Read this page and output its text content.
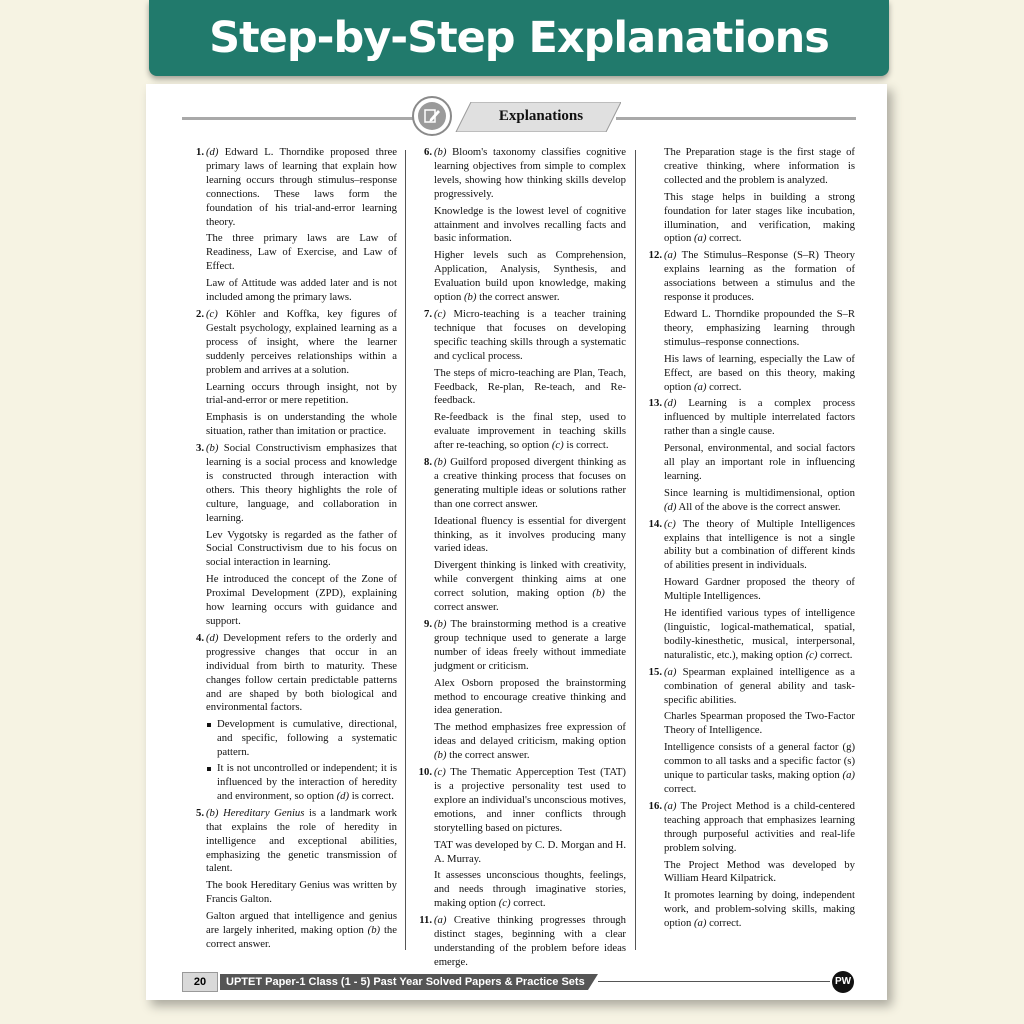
Step-by-Step Explanations
Explanations
1. (d) Edward L. Thorndike proposed three primary laws of learning that explain how learning occurs through stimulus–response connections. These laws form the foundation of his trial-and-error learning theory.

The three primary laws are Law of Readiness, Law of Exercise, and Law of Effect.

Law of Attitude was added later and is not included among the primary laws.

2. (c) Köhler and Koffka, key figures of Gestalt psychology, explained learning as a process of insight, where the learner suddenly perceives relationships within a problem and arrives at a solution.

Learning occurs through insight, not by trial-and-error or mere repetition.

Emphasis is on understanding the whole situation, rather than imitation or practice.

3. (b) Social Constructivism emphasizes that learning is a social process and knowledge is constructed through interaction with others. This theory highlights the role of culture, language, and collaboration in learning.

Lev Vygotsky is regarded as the father of Social Constructivism due to his focus on social interaction in learning.

He introduced the concept of the Zone of Proximal Development (ZPD), explaining how learning occurs with guidance and support.

4. (d) Development refers to the orderly and progressive changes that occur in an individual from birth to maturity. These changes follow certain predictable patterns and are shaped by both biological and environmental factors.

Development is cumulative, directional, and specific, following a systematic pattern.
It is not uncontrolled or independent; it is influenced by the interaction of heredity and environment, so option (d) is correct.
5. (b) Hereditary Genius is a landmark work that explains the role of heredity in intelligence and exceptional abilities, emphasizing the genetic transmission of talent.

The book Hereditary Genius was written by Francis Galton.

Galton argued that intelligence and genius are largely inherited, making option (b) the correct answer.

6. (b) Bloom's taxonomy classifies cognitive learning objectives from simple to complex levels, showing how thinking skills develop progressively.

Knowledge is the lowest level of cognitive attainment and involves recalling facts and basic information.

Higher levels such as Comprehension, Application, Analysis, Synthesis, and Evaluation build upon knowledge, making option (b) the correct answer.

7. (c) Micro-teaching is a teacher training technique that focuses on developing specific teaching skills through a systematic and cyclical process.

The steps of micro-teaching are Plan, Teach, Feedback, Re-plan, Re-teach, and Re-feedback.

Re-feedback is the final step, used to evaluate improvement in teaching skills after re-teaching, so option (c) is correct.

8. (b) Guilford proposed divergent thinking as a creative thinking process that focuses on generating multiple ideas or solutions rather than one correct answer.

Ideational fluency is essential for divergent thinking, as it involves producing many varied ideas.

Divergent thinking is linked with creativity, while convergent thinking aims at one correct solution, making option (b) the correct answer.

9. (b) The brainstorming method is a creative group technique used to generate a large number of ideas freely without immediate judgment or criticism.

Alex Osborn proposed the brainstorming method to encourage creative thinking and idea generation.

The method emphasizes free expression of ideas and delayed criticism, making option (b) the correct answer.

10. (c) The Thematic Apperception Test (TAT) is a projective personality test used to explore an individual's unconscious motives, emotions, and inner conflicts through storytelling based on pictures.

TAT was developed by C. D. Morgan and H. A. Murray.

It assesses unconscious thoughts, feelings, and needs through imaginative stories, making option (c) correct.

11. (a) Creative thinking progresses through distinct stages, beginning with a clear understanding of the problem before ideas emerge.

The Preparation stage is the first stage of creative thinking, where information is collected and the problem is analyzed.

This stage helps in building a strong foundation for later stages like incubation, illumination, and verification, making option (a) correct.

12. (a) The Stimulus–Response (S–R) Theory explains learning as the formation of associations between a stimulus and the response it produces.

Edward L. Thorndike propounded the S–R theory, emphasizing learning through stimulus–response connections.

His laws of learning, especially the Law of Effect, are based on this theory, making option (a) correct.

13. (d) Learning is a complex process influenced by multiple interrelated factors rather than a single cause.

Personal, environmental, and social factors all play an important role in influencing learning.

Since learning is multidimensional, option (d) All of the above is the correct answer.

14. (c) The theory of Multiple Intelligences explains that intelligence is not a single ability but a combination of different kinds of abilities present in individuals.

Howard Gardner proposed the theory of Multiple Intelligences.

He identified various types of intelligence (linguistic, logical-mathematical, spatial, bodily-kinesthetic, musical, interpersonal, naturalistic, etc.), making option (c) correct.

15. (a) Spearman explained intelligence as a combination of general ability and task-specific abilities.

Charles Spearman proposed the Two-Factor Theory of Intelligence.

Intelligence consists of a general factor (g) common to all tasks and a specific factor (s) unique to particular tasks, making option (a) correct.

16. (a) The Project Method is a child-centered teaching approach that emphasizes learning through purposeful activities and real-life problem solving.

The Project Method was developed by William Heard Kilpatrick.

It promotes learning by doing, independent work, and problem-solving skills, making option (a) correct.

20	UPTET Paper-1 Class (1 - 5) Past Year Solved Papers & Practice Sets	PW
